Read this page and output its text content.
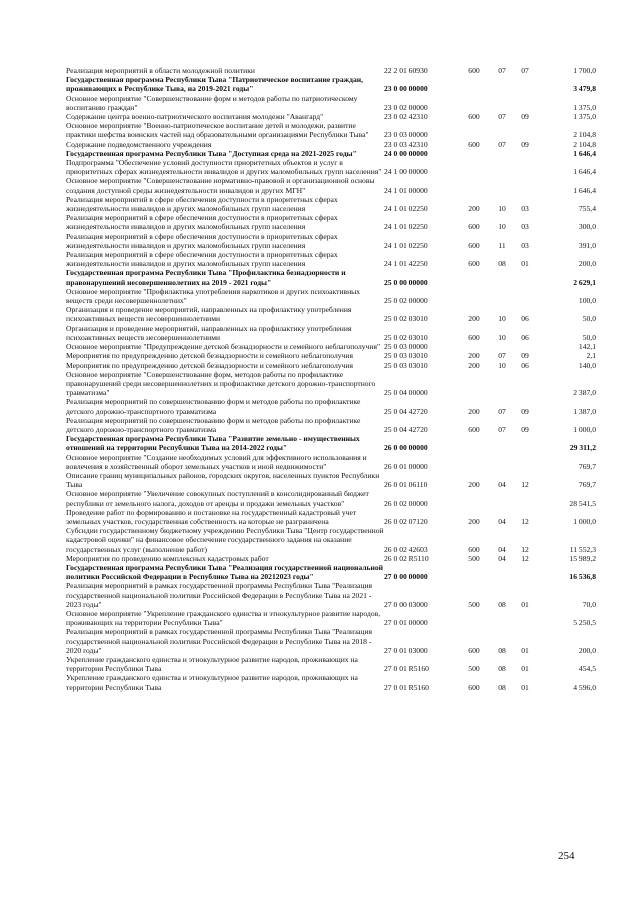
Реализация мероприятий в области молодежной политики	22 2 01 60930	600	07	07	1 700,0
Государственная программа Республики Тыва "Патриотическое воспитание граждан, проживающих в Республике Тыва, на 2019-2021 годы"	23 0 00 00000				3 479,8
Основное мероприятие "Совершенствование форм и методов работы по патриотическому воспитанию граждан"	23 0 02 00000				1 375,0
Содержание центра военно-патриотического воспитания молодежи "Авангард"	23 0 02 42310	600	07	09	1 375,0
Основное мероприятие "Военно-патриотическое воспитание детей и молодежи, развитие практики шефства воинских частей над образовательными организациями Республики Тыва"	23 0 03 00000				2 104,8
Содержание подведомственного учреждения	23 0 03 42310	600	07	09	2 104,8
Государственная программа Республики Тыва "Доступная среда на 2021-2025 годы"	24 0 00 00000				1 646,4
Подпрограмма "Обеспечение условий доступности приоритетных объектов и услуг в приоритетных сферах жизнедеятельности инвалидов и других маломобильных групп населения"	24 1 00 00000				1 646,4
Основное мероприятие "Совершенствование нормативно-правовой и организационной основы создания доступной среды жизнедеятельности инвалидов и других МГН"	24 1 01 00000				1 646,4
Реализация мероприятий в сфере обеспечения доступности в приоритетных сферах жизнедеятельности инвалидов и других маломобильных групп населения	24 1 01 02250	200	10	03	755,4
Реализация мероприятий в сфере обеспечения доступности в приоритетных сферах жизнедеятельности инвалидов и других маломобильных групп населения	24 1 01 02250	600	10	03	300,0
Реализация мероприятий в сфере обеспечения доступности в приоритетных сферах жизнедеятельности инвалидов и других маломобильных групп населения	24 1 01 02250	600	11	03	391,0
Реализация мероприятий в сфере обеспечения доступности в приоритетных сферах жизнедеятельности инвалидов и других маломобильных групп населения	24 1 01 42250	600	08	01	200,0
Государственная программа Республики Тыва "Профилактика безнадзорности и правонарушений несовершеннолетних на 2019 - 2021 годы"	25 0 00 00000				2 629,1
Основное мероприятие "Профилактика употребления наркотиков и других психоактивных веществ среди несовершеннолетних"	25 0 02 00000				100,0
Организация и проведение мероприятий, направленных на профилактику употребления психоактивных веществ несовершеннолетними	25 0 02 03010	200	10	06	50,0
Организация и проведение мероприятий, направленных на профилактику употребления психоактивных веществ несовершеннолетними	25 0 02 03010	600	10	06	50,0
Основное мероприятие "Предупреждение детской безнадзорности и семейного неблагополучия"	25 0 03 00000				142,1
Мероприятия по предупреждению детской безнадзорности и семейного неблагополучия	25 0 03 03010	200	07	09	2,1
Мероприятия по предупреждению детской безнадзорности и семейного неблагополучия	25 0 03 03010	200	10	06	140,0
Основное мероприятие "Совершенствование форм, методов работы по профилактике правонарушений среди несовершеннолетних и профилактике детского дорожно-транспортного травматизма"	25 0 04 00000				2 387,0
Реализация мероприятий по совершенствованию форм и методов работы по профилактике детского дорожно-транспортного травматизма	25 0 04 42720	200	07	09	1 387,0
Реализация мероприятий по совершенствованию форм и методов работы по профилактике детского дорожно-транспортного травматизма	25 0 04 42720	600	07	09	1 000,0
Государственная программа Республики Тыва "Развитие земельно - имущественных отношений на территории Республики Тыва на 2014-2022 годы"	26 0 00 00000				29 311,2
Основное мероприятие "Создание необходимых условий для эффективного использования и вовлечения в хозяйственный оборот земельных участков и иной недвижимости"	26 0 01 00000				769,7
Описание границ муниципальных районов, городских округов, населенных пунктов Республики Тыва	26 0 01 06110	200	04	12	769,7
Основное мероприятие "Увеличение совокупных поступлений в консолидированный бюджет республики от земельного налога, доходов от аренды и продажи земельных участков"	26 0 02 00000				28 541,5
Проведение работ по формированию и постановке на государственный кадастровый учет земельных участков, государственная собственность на которые не разграничена	26 0 02 07120	200	04	12	1 000,0
Субсидии государственному бюджетному учреждению Республики Тыва "Центр государственной кадастровой оценки" на финансовое обеспечение государственного задания на оказание государственных услуг (выполнение работ)	26 0 02 42603	600	04	12	11 552,3
Мероприятия по проведению комплексных кадастровых работ	26 0 02 R5110	500	04	12	15 989,2
Государственная программа Республики Тыва "Реализация государственной национальной политики Российской Федерации в Республике Тыва на 20212023 годы"	27 0 00 00000				16 536,8
Реализация мероприятий в рамках государственной программы Республики Тыва "Реализация государственной национальной политики Российской Федерации в Республике Тыва на 2021 - 2023 годы"	27 0 00 03000	500	08	01	70,0
Основное мероприятие "Укрепление гражданского единства и этнокультурное развитие народов, проживающих на территории Республики Тыва"	27 0 01 00000				5 250,5
Реализация мероприятий в рамках государственной программы Республики Тыва "Реализация государственной национальной политики Российской Федерации в Республике Тыва на 2018 - 2020 годы"	27 0 01 03000	600	08	01	200,0
Укрепление гражданского единства и этнокультурное развитие народов, проживающих на территории Республики Тыва	27 0 01 R5160	500	08	01	454,5
Укрепление гражданского единства и этнокультурное развитие народов, проживающих на территории Республики Тыва	27 0 01 R5160	600	08	01	4 596,0
254
